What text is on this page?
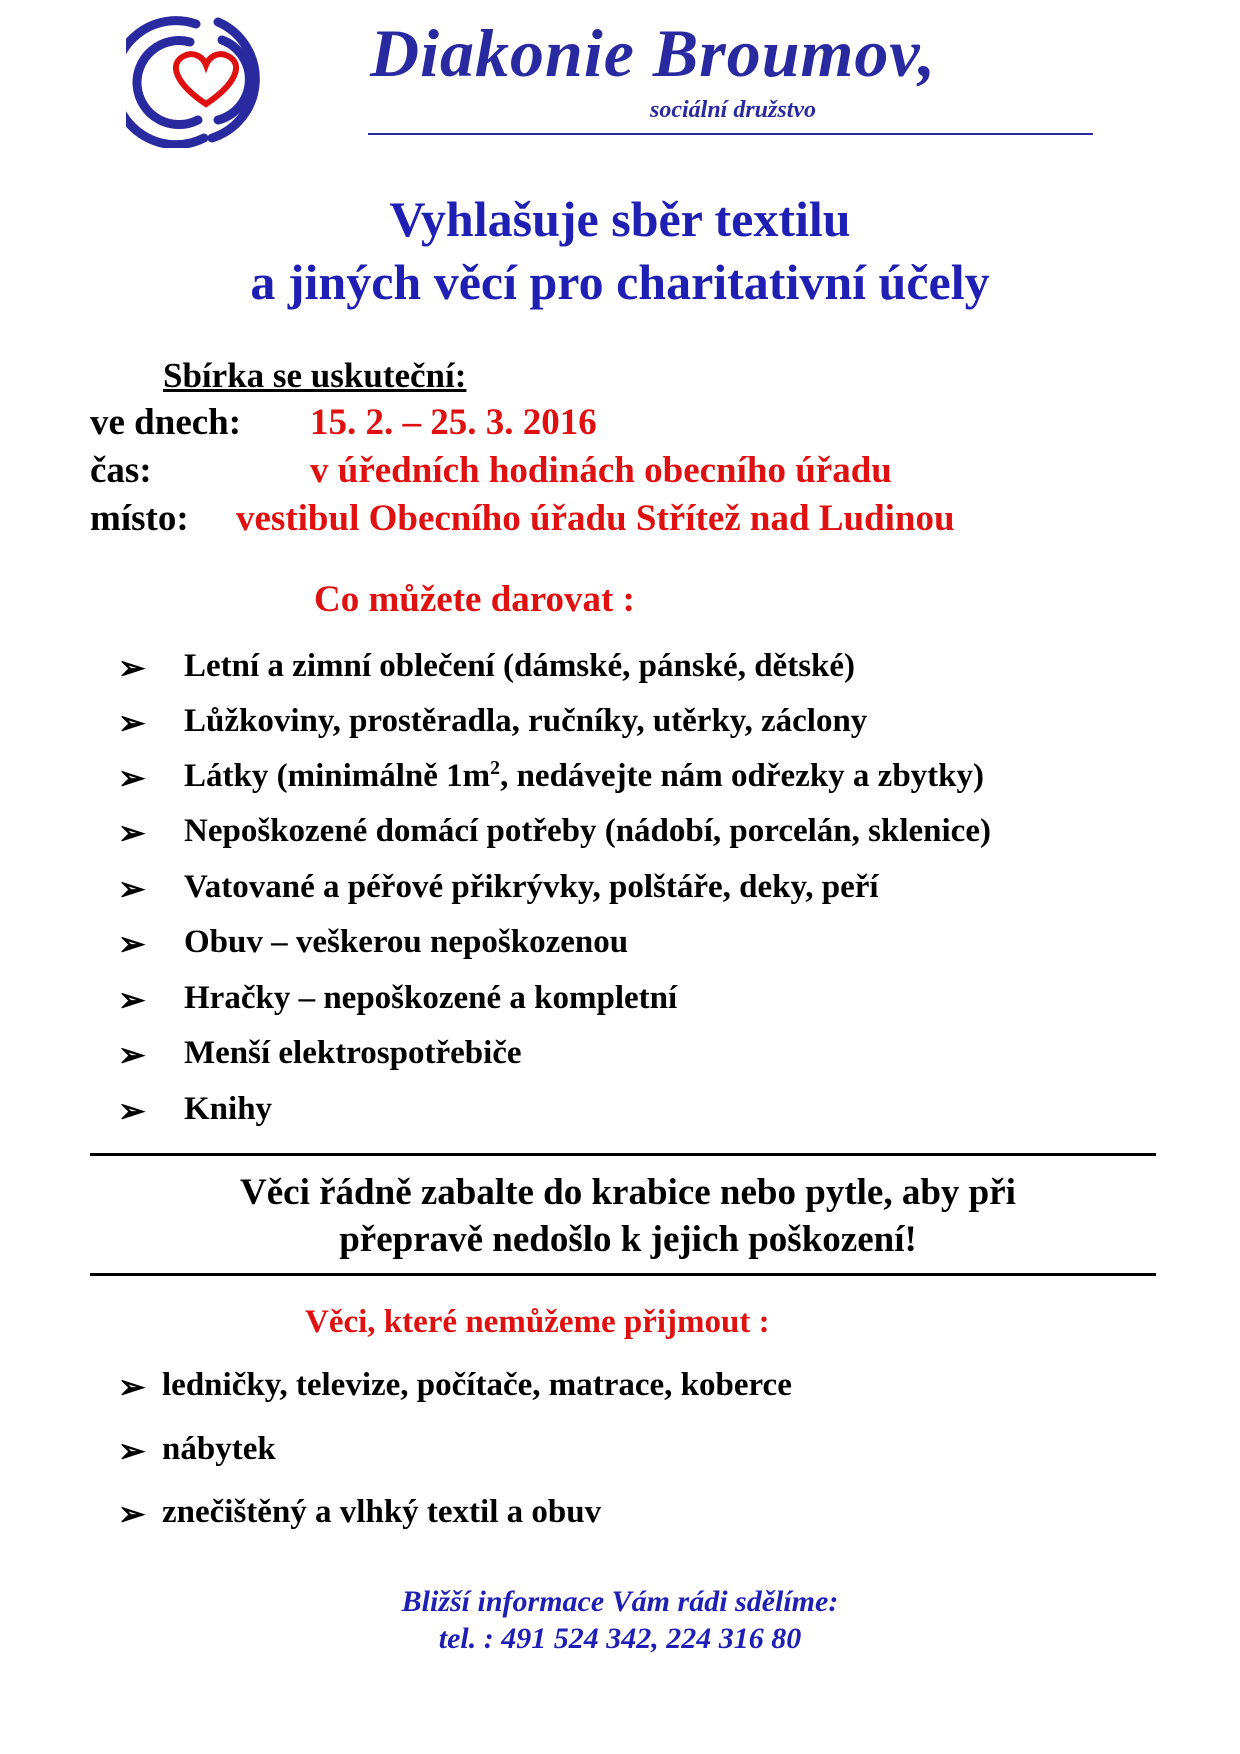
Diakonie Broumov,
sociální družstvo
Vyhlašuje sběr textilu
a jiných věcí pro charitativní účely
Sbírka se uskuteční:
ve dnech: 15. 2. – 25. 3. 2016
čas:	v úředních hodinách obecního úřadu
místo: vestibul Obecního úřadu Střítež nad Ludinou
Co můžete darovat :
➢ Letní a zimní oblečení (dámské, pánské, dětské)
➢ Lůžkoviny, prostěradla, ručníky, utěrky, záclony
➢ Látky (minimálně $1m^2$, nedávejte nám odřezky a zbytky)
➢ Nepoškozené domácí potřeby (nádobí, porcelán, sklenice)
➢ Vatované a péřové přikrývky, polštáře, deky, peří
➢ Obuv – veškerou nepoškozenou
➢ Hračky – nepoškozené a kompletní
➢ Menší elektrospotřebiče
➢ Knihy
Věci řádně zabalte do krabice nebo pytle, aby při
přepravě nedošlo k jejich poškození!
Věci, které nemůžeme přijmout :
➢ ledničky, televize, počítače, matrace, koberce
➢ nábytek
➢ znečištěný a vlhký textil a obuv
Bližší informace Vám rádi sdělíme:
tel. : 491 524 342, 224 316 80
